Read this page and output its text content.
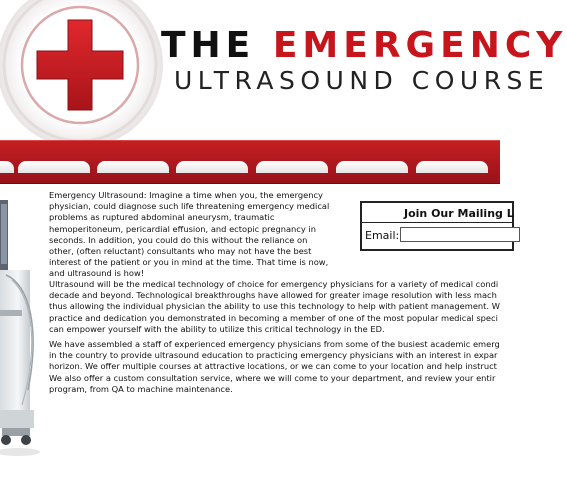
THE EMERGENCY
ULTRASOUND COURSE

Emergency Ultrasound: Imagine a time when you, the emergency physician, could diagnose such life threatening emergency medical problems as ruptured abdominal aneurysm, traumatic hemoperitoneum, pericardial effusion, and ectopic pregnancy in seconds. In addition, you could do this without the reliance on other, (often reluctant) consultants who may not have the best interest of the patient or you in mind at the time. That time is now, and ultrasound is how!

Ultrasound will be the medical technology of choice for emergency physicians for a variety of medical condi
decade and beyond. Technological breakthroughs have allowed for greater image resolution with less mach
thus allowing the individual physician the ability to use this technology to help with patient management. W
practice and dedication you demonstrated in becoming a member of one of the most popular medical speci
can empower yourself with the ability to utilize this critical technology in the ED.

We have assembled a staff of experienced emergency physicians from some of the busiest academic emerg
in the country to provide ultrasound education to practicing emergency physicians with an interest in expar
horizon. We offer multiple courses at attractive locations, or we can come to your location and help instruct
We also offer a custom consultation service, where we will come to your department, and review your entir
program, from QA to machine maintenance.

Join Our Mailing L
Email:
